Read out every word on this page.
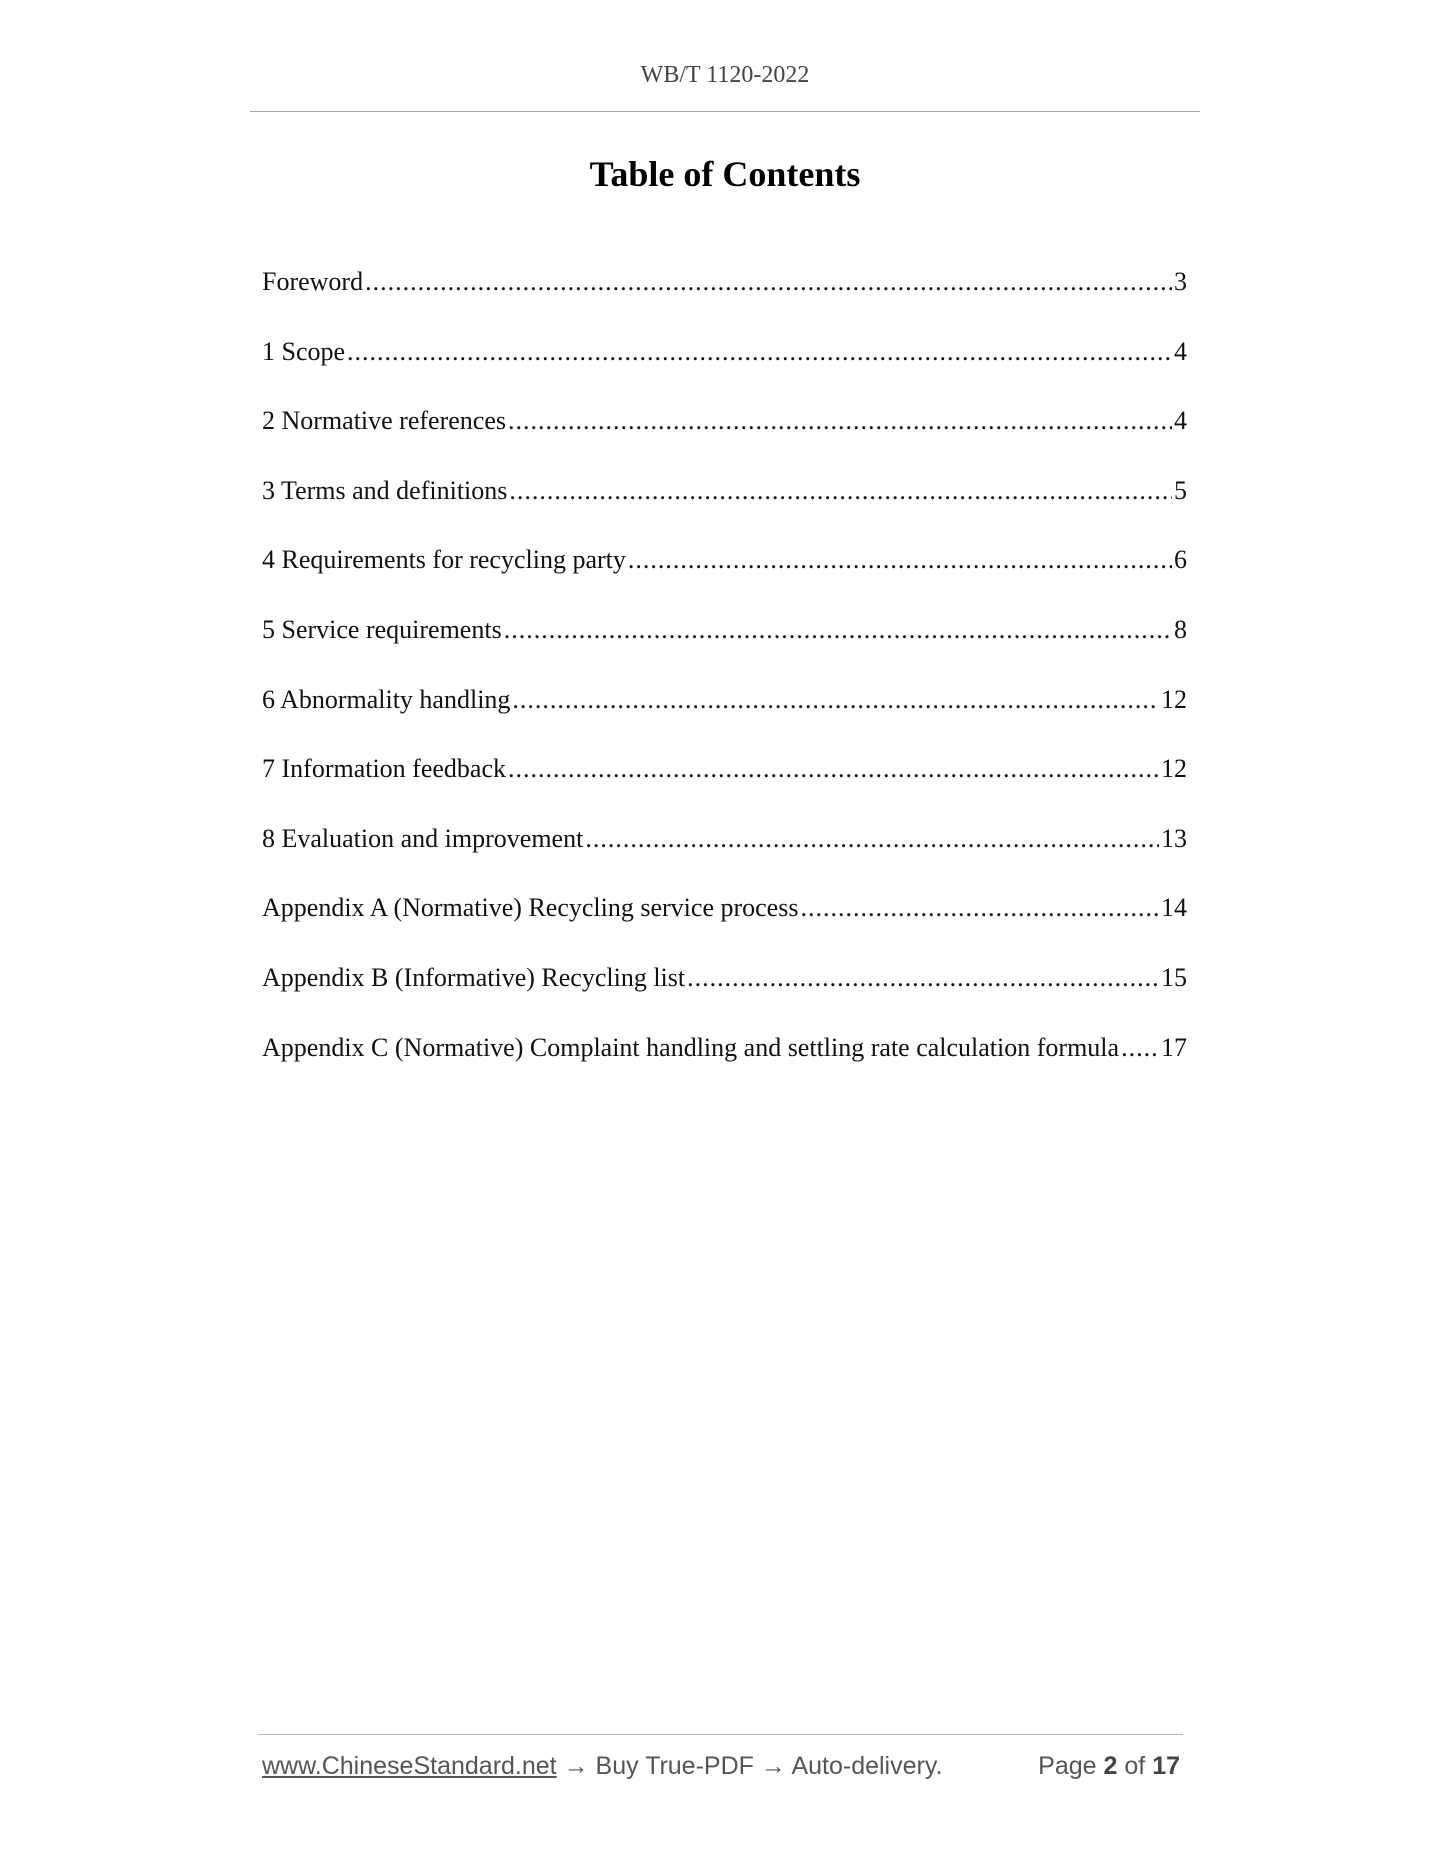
WB/T 1120-2022
Table of Contents
Foreword .....	3
1 Scope .....	4
2 Normative references .....	4
3 Terms and definitions .....	5
4 Requirements for recycling party .....	6
5 Service requirements .....	8
6 Abnormality handling .....	12
7 Information feedback .....	12
8 Evaluation and improvement .....	13
Appendix A (Normative) Recycling service process .....	14
Appendix B (Informative) Recycling list .....	15
Appendix C (Normative) Complaint handling and settling rate calculation formula ..... 17
www.ChineseStandard.net → Buy True-PDF → Auto-delivery.	Page 2 of 17
